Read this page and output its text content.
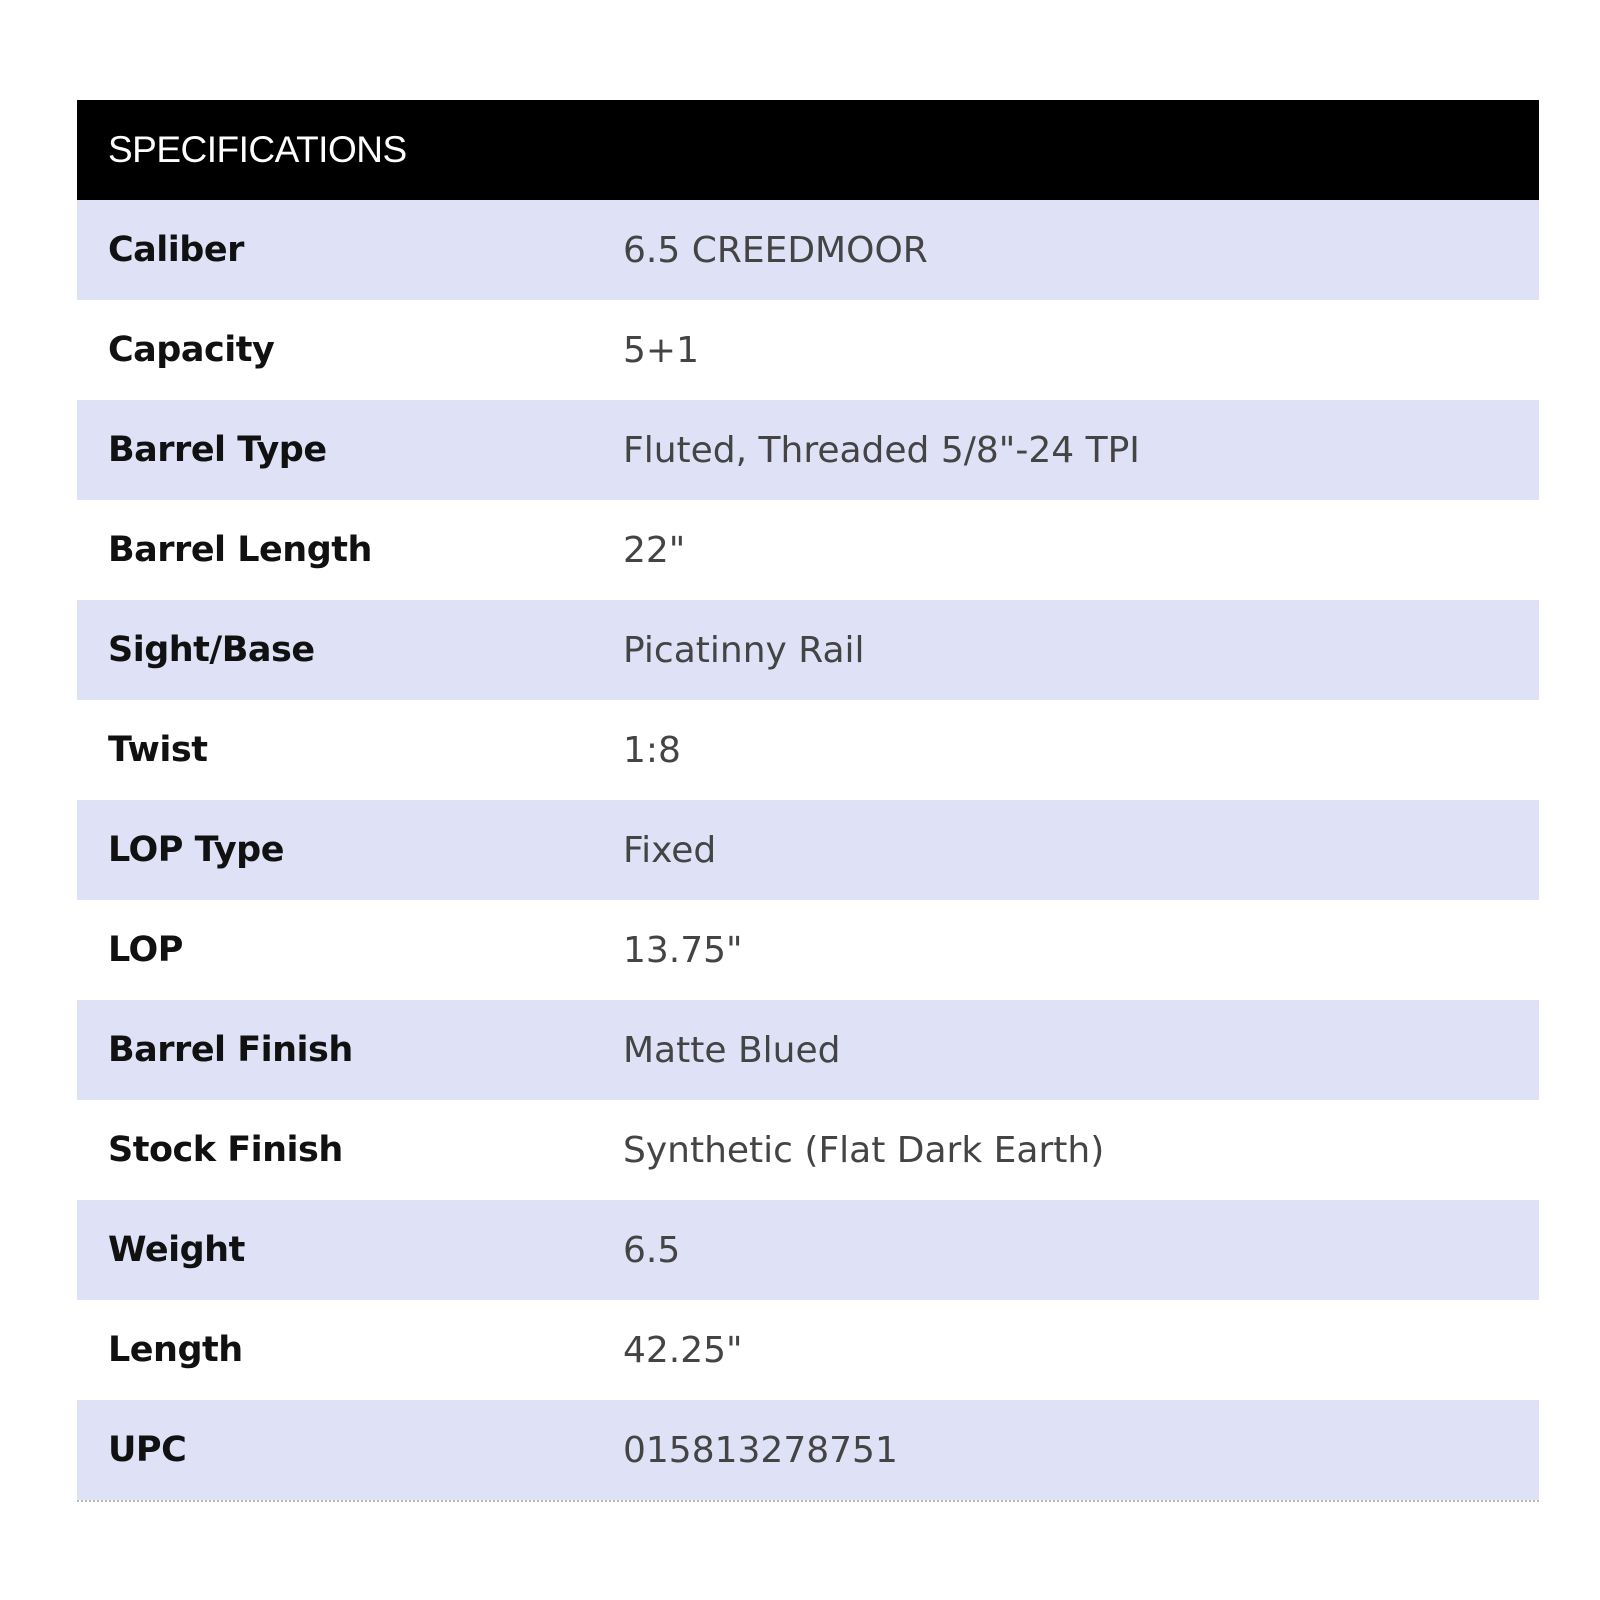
SPECIFICATIONS
Caliber	6.5 CREEDMOOR
Capacity	5+1
Barrel Type	Fluted, Threaded 5/8"-24 TPI
Barrel Length	22"
Sight/Base	Picatinny Rail
Twist	1:8
LOP Type	Fixed
LOP	13.75"
Barrel Finish	Matte Blued
Stock Finish	Synthetic (Flat Dark Earth)
Weight	6.5
Length	42.25"
UPC	015813278751
